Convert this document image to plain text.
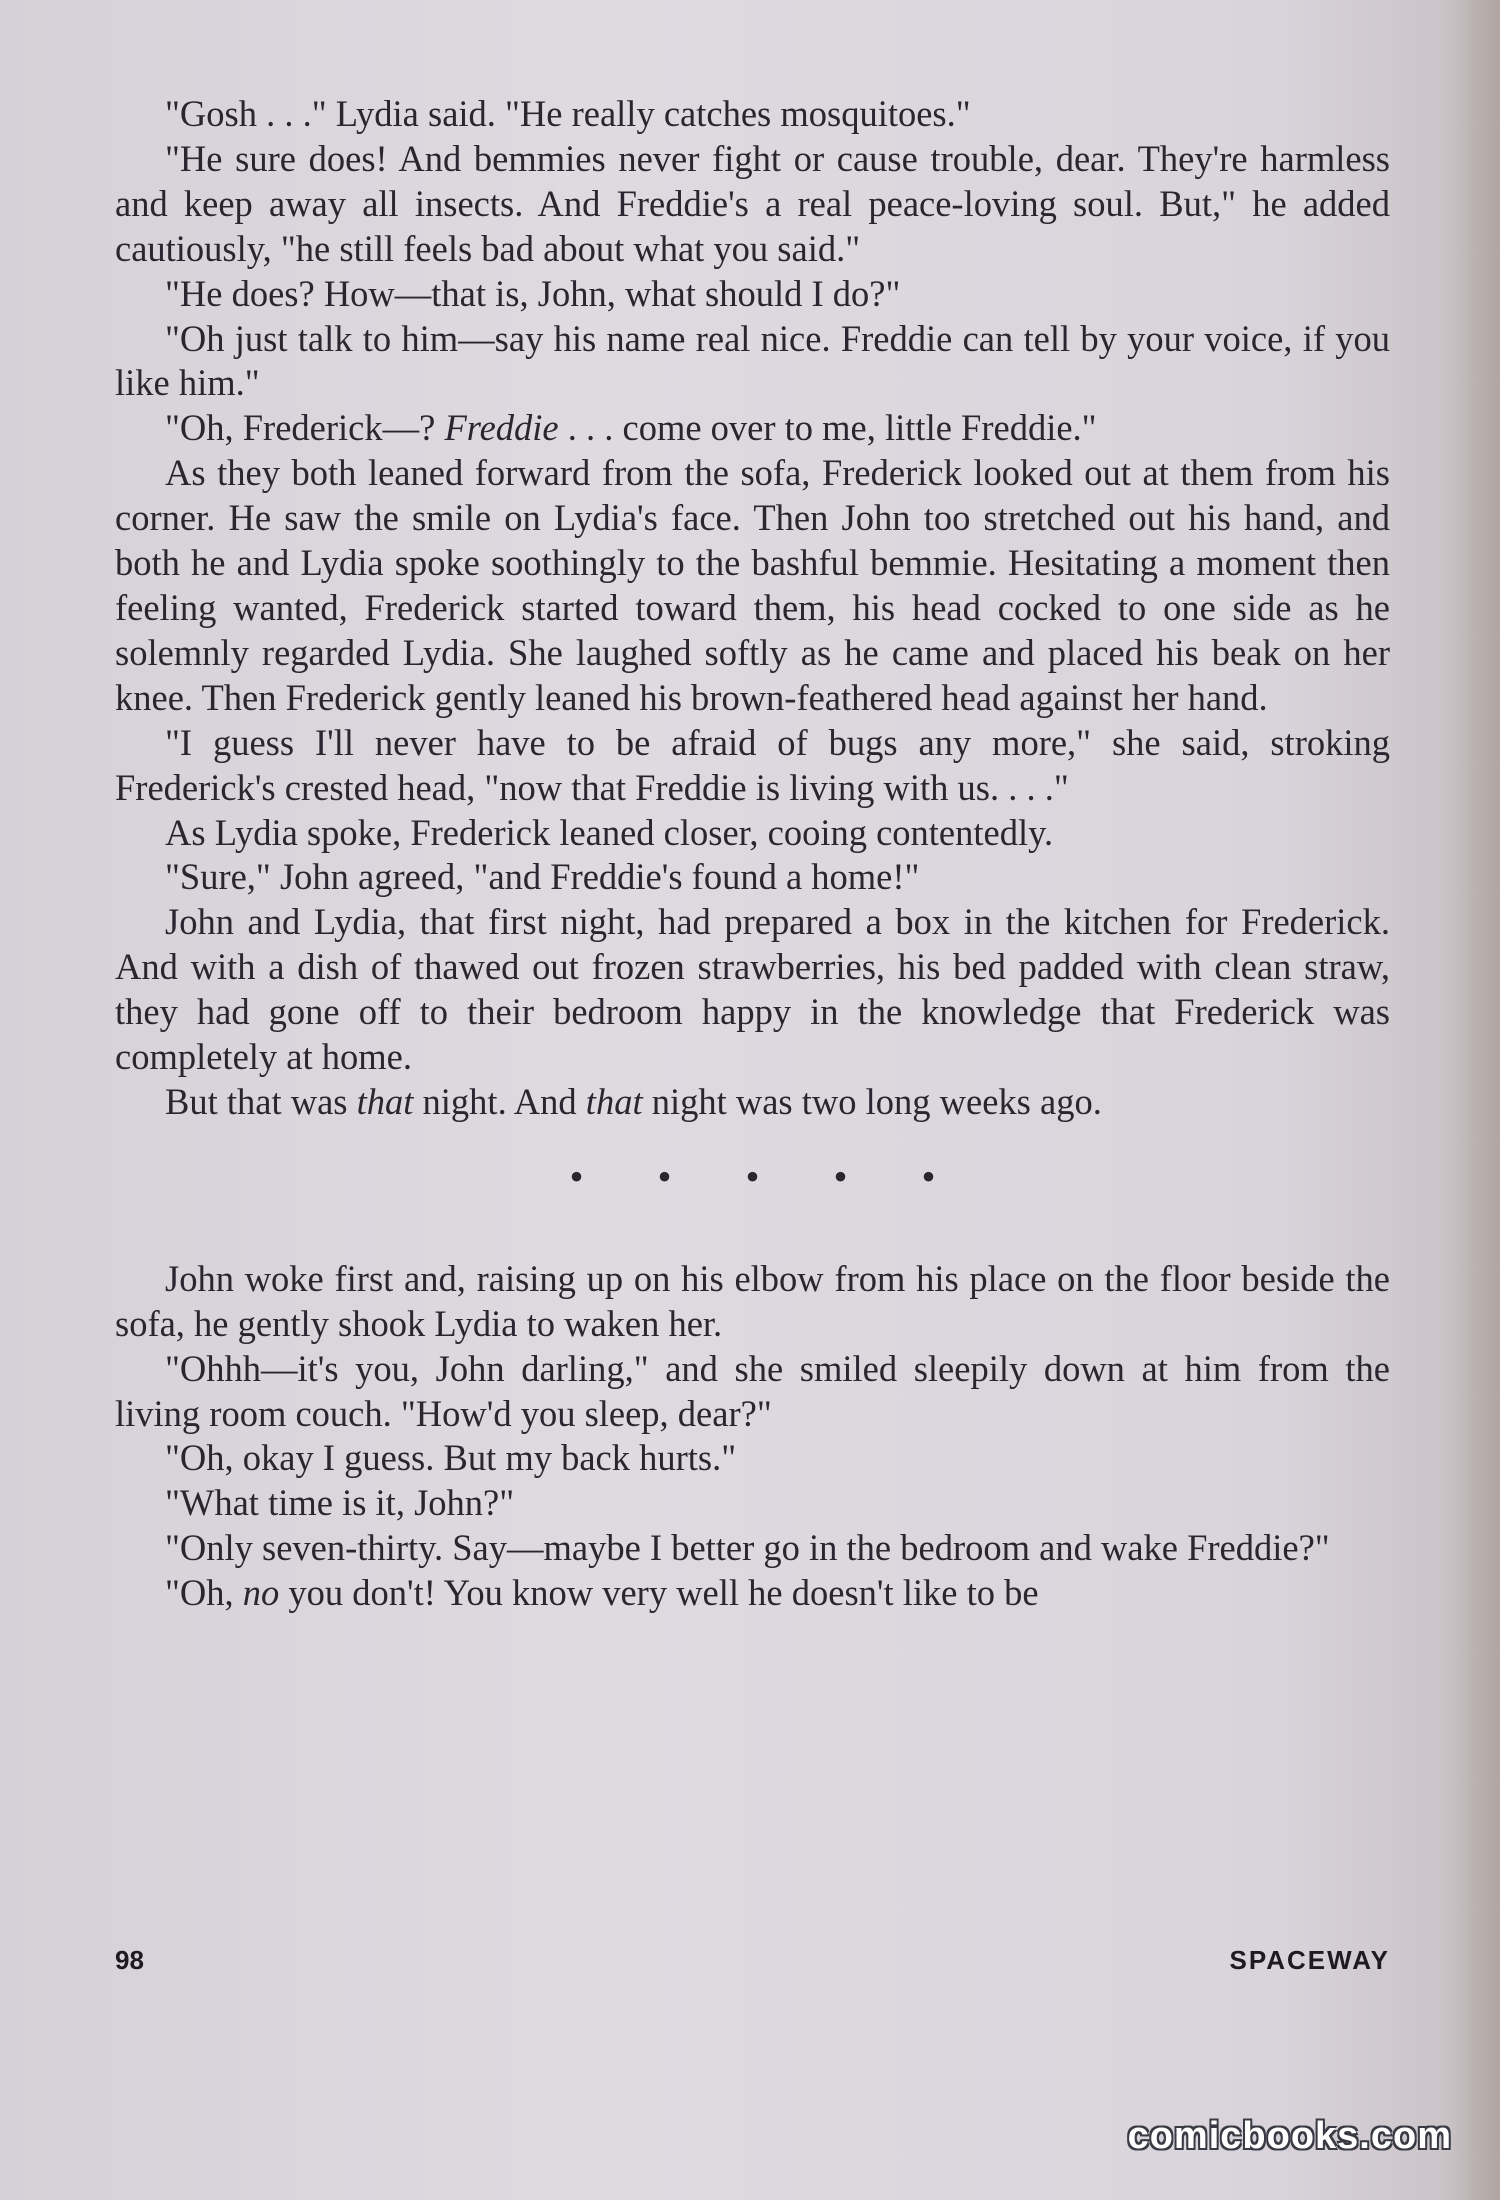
"Gosh . . ." Lydia said. "He really catches mosquitoes."

"He sure does! And bemmies never fight or cause trouble, dear. They're harmless and keep away all insects. And Freddie's a real peace-loving soul. But," he added cautiously, "he still feels bad about what you said."

"He does? How—that is, John, what should I do?"

"Oh just talk to him—say his name real nice. Freddie can tell by your voice, if you like him."

"Oh, Frederick—? Freddie . . . come over to me, little Freddie."

As they both leaned forward from the sofa, Frederick looked out at them from his corner. He saw the smile on Lydia's face. Then John too stretched out his hand, and both he and Lydia spoke soothingly to the bashful bemmie. Hesitating a moment then feeling wanted, Frederick started toward them, his head cocked to one side as he solemnly regarded Lydia. She laughed softly as he came and placed his beak on her knee. Then Frederick gently leaned his brown-feathered head against her hand.

"I guess I'll never have to be afraid of bugs any more," she said, stroking Frederick's crested head, "now that Freddie is living with us. . . ."

As Lydia spoke, Frederick leaned closer, cooing contentedly.

"Sure," John agreed, "and Freddie's found a home!"

John and Lydia, that first night, had prepared a box in the kitchen for Frederick. And with a dish of thawed out frozen strawberries, his bed padded with clean straw, they had gone off to their bedroom happy in the knowledge that Frederick was completely at home.

But that was that night. And that night was two long weeks ago.

• • • • •

John woke first and, raising up on his elbow from his place on the floor beside the sofa, he gently shook Lydia to waken her.

"Ohhh—it's you, John darling," and she smiled sleepily down at him from the living room couch. "How'd you sleep, dear?"

"Oh, okay I guess. But my back hurts."

"What time is it, John?"

"Only seven-thirty. Say—maybe I better go in the bedroom and wake Freddie?"

"Oh, no you don't! You know very well he doesn't like to be

98	SPACEWAY
comicbooks.com
